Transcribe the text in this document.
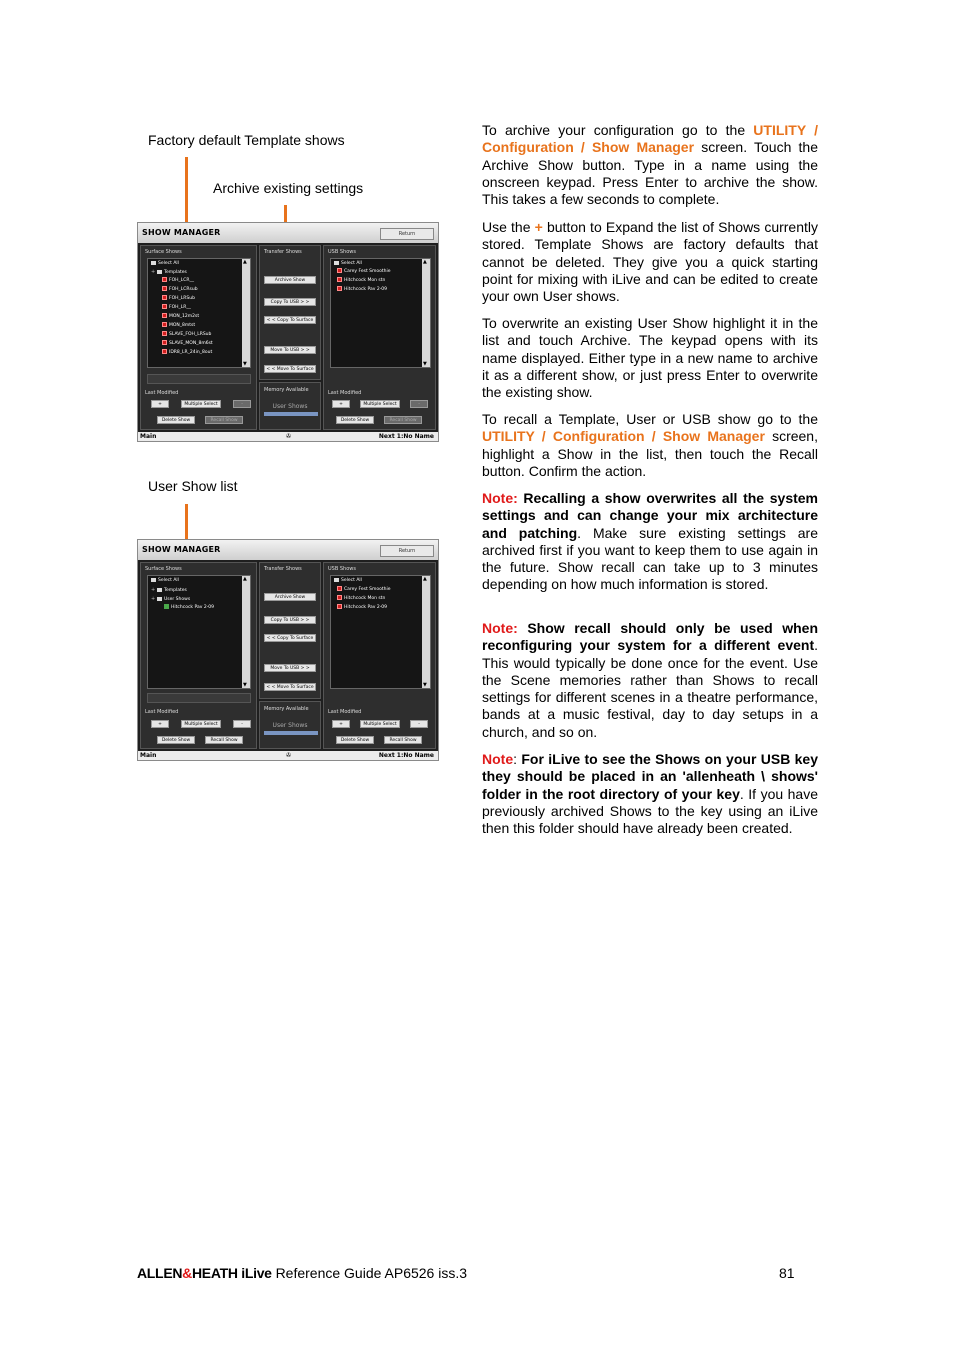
Factory default Template shows
Archive existing settings
SHOW MANAGER	Return
Surface Shows
Select All
+ Templates
FOH_LCR__
FOH_LCRsub
FOH_LRSub
FOH_LR__
MON_12m2st
MON_8mtst
SLAVE_FOH_LRSub
SLAVE_MON_8m6st
IDR8_LR_24in_8out
▲ ▼
Last Modified
+	Multiple Select	-
Delete Show	Recall Show
Transfer Shows
Archive Show
Copy To USB > >
< < Copy To Surface
Move To USB > >
< < Move To Surface
Memory Available
User Shows
USB Shows
Select All
Carey Fest Smoothie
Hitchcock Mon stn
Hitchcock Pav 2-09
▲ ▼
Last Modified
+	Multiple Select	-
Delete Show	Recall Show
Main	✇	Next 1:No Name
User Show list
SHOW MANAGER	Return
Surface Shows
Select All
+ Templates
+ User Shows
Hitchcock Pav 2-09
▲ ▼
Last Modified
+	Multiple Select	-
Delete Show	Recall Show
Transfer Shows
Archive Show
Copy To USB > >
< < Copy To Surface
Move To USB > >
< < Move To Surface
Memory Available
User Shows
USB Shows
Select All
Carey Fest Smoothie
Hitchcock Mon stn
Hitchcock Pav 2-09
▲ ▼
Last Modified
+	Multiple Select	-
Delete Show	Recall Show
Main	✇	Next 1:No Name

To archive your configuration go to the UTILITY / Configuration / Show Manager screen. Touch the Archive Show button. Type in a name using the onscreen keypad. Press Enter to archive the show. This takes a few seconds to complete.

Use the + button to Expand the list of Shows currently stored. Template Shows are factory defaults that cannot be deleted. They give you a quick starting point for mixing with iLive and can be edited to create your own User shows.

To overwrite an existing User Show highlight it in the list and touch Archive. The keypad opens with its name displayed. Either type in a new name to archive it as a different show, or just press Enter to overwrite the existing show.

To recall a Template, User or USB show go to the UTILITY / Configuration / Show Manager screen, highlight a Show in the list, then touch the Recall button. Confirm the action.

Note: Recalling a show overwrites all the system settings and can change your mix architecture and patching. Make sure existing settings are archived first if you want to keep them to use again in the future. Show recall can take up to 3 minutes depending on how much information is stored.

Note: Show recall should only be used when reconfiguring your system for a different event. This would typically be done once for the event. Use the Scene memories rather than Shows to recall settings for different scenes in a theatre performance, bands at a music festival, day to day setups in a church, and so on.

Note: For iLive to see the Shows on your USB key they should be placed in an 'allenheath \ shows' folder in the root directory of your key. If you have previously archived Shows to the key using an iLive then this folder should have already been created.

ALLEN&HEATH iLive Reference Guide AP6526 iss.3	81
